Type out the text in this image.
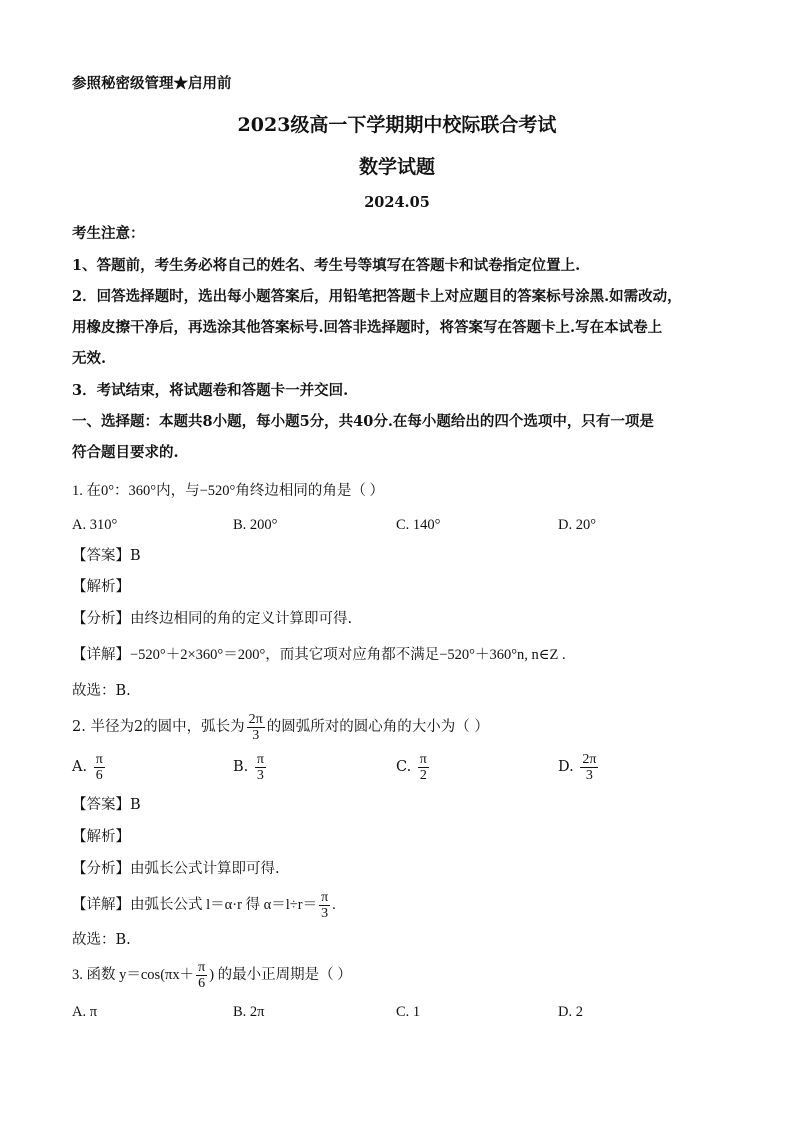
参照秘密级管理★启用前
2023级高一下学期期中校际联合考试
数学试题
2024.05
考生注意：
1、答题前，考生务必将自己的姓名、考生号等填写在答题卡和试卷指定位置上.
2．回答选择题时，选出每小题答案后，用铅笔把答题卡上对应题目的答案标号涂黑.如需改动，
用橡皮擦干净后，再选涂其他答案标号.回答非选择题时，将答案写在答题卡上.写在本试卷上
无效.
3．考试结束，将试题卷和答题卡一并交回.
一、选择题：本题共8小题，每小题5分，共40分.在每小题给出的四个选项中，只有一项是
符合题目要求的.
1. 在0°：360°内，与−520°角终边相同的角是（ ）
A. 310°	B. 200°	C. 140°	D. 20°
【答案】B
【解析】
【分析】由终边相同的角的定义计算即可得.
【详解】−520°＋2×360°＝200°，而其它项对应角都不满足−520°＋360°n, n∈Z .
故选：B.
2. 半径为2的圆中，弧长为 $\frac{2\pi}{3}$ 的圆弧所对的圆心角的大小为（ ）
A. $\frac{\pi}{6}$	B. $\frac{\pi}{3}$	C. $\frac{\pi}{2}$	D. $\frac{2\pi}{3}$
【答案】B
【解析】
【分析】由弧长公式计算即可得.
【详解】由弧长公式 l＝α·r 得 $\alpha=l\div r= \frac{\pi}{3}$ .
故选：B.
3. 函数 $y=\cos(\pi x+ \frac{\pi}{6}$ ) 的最小正周期是（ ）
A. π	B. 2π	C. 1	D. 2
